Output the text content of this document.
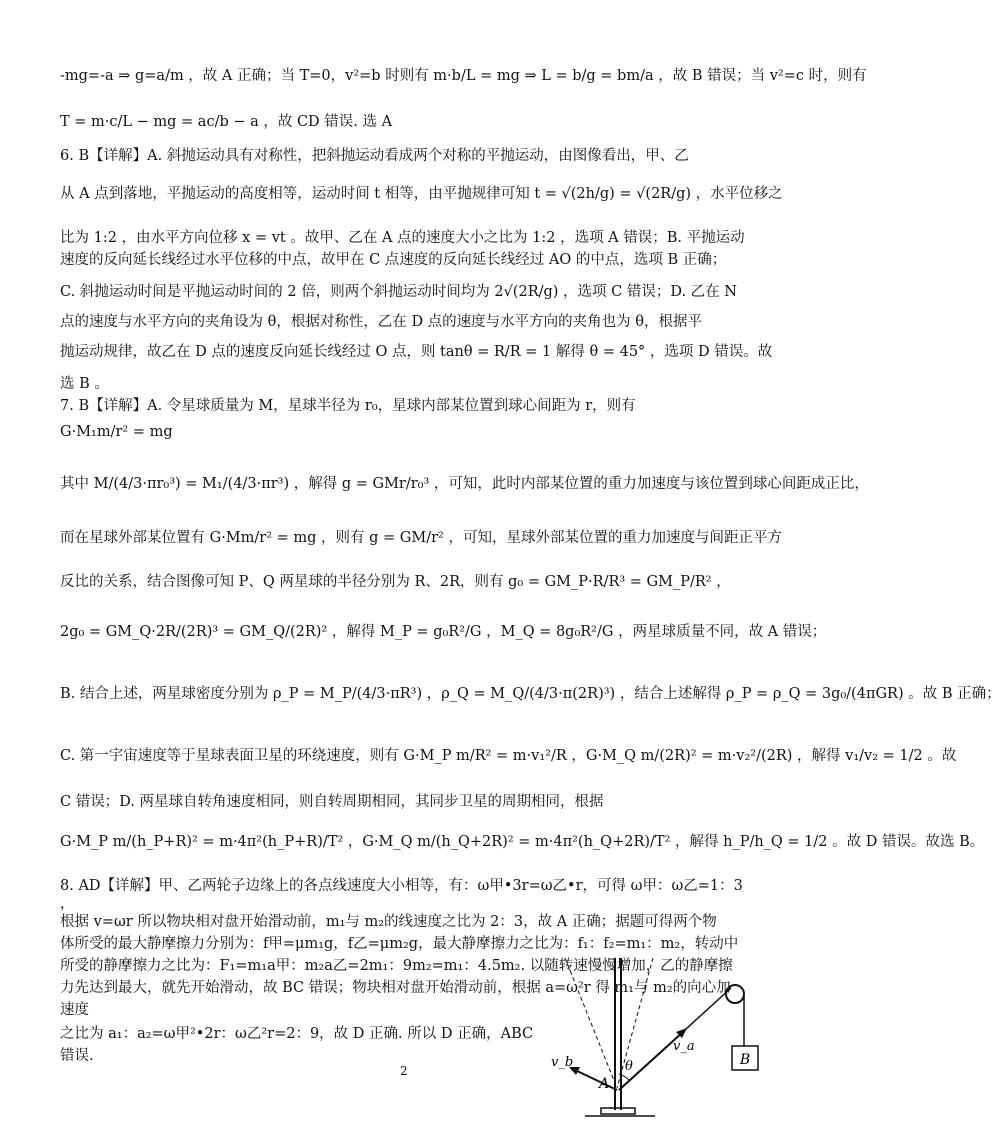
-mg=-a ⇒ g=a/m ，故 A 正确；当 T=0，v²=b 时则有 m·b/L = mg ⇒ L = b/g = bm/a ，故 B 错误；当 v²=c 时，则有
T = m·c/L − mg = ac/b − a ，故 CD 错误. 选 A
6. B【详解】A. 斜抛运动具有对称性，把斜抛运动看成两个对称的平抛运动，由图像看出，甲、乙
从 A 点到落地，平抛运动的高度相等，运动时间 t 相等，由平抛规律可知 t = √(2h/g) = √(2R/g) ，水平位移之
比为 1:2 ，由水平方向位移 x = vt 。故甲、乙在 A 点的速度大小之比为 1:2 ，选项 A 错误；B. 平抛运动
速度的反向延长线经过水平位移的中点，故甲在 C 点速度的反向延长线经过 AO 的中点，选项 B 正确；
C. 斜抛运动时间是平抛运动时间的 2 倍，则两个斜抛运动时间均为 2√(2R/g) ，选项 C 错误；D. 乙在 N
点的速度与水平方向的夹角设为 θ，根据对称性，乙在 D 点的速度与水平方向的夹角也为 θ，根据平
抛运动规律，故乙在 D 点的速度反向延长线经过 O 点，则 tanθ = R/R = 1 解得 θ = 45° ，选项 D 错误。故
选 B 。
7. B【详解】A. 令星球质量为 M，星球半径为 r₀，星球内部某位置到球心间距为 r，则有
G·M₁m/r² = mg
其中 M/(4/3·πr₀³) = M₁/(4/3·πr³) ，解得 g = GMr/r₀³ ，可知，此时内部某位置的重力加速度与该位置到球心间距成正比，
而在星球外部某位置有 G·Mm/r² = mg ，则有 g = GM/r² ，可知，星球外部某位置的重力加速度与间距正平方
反比的关系，结合图像可知 P、Q 两星球的半径分别为 R、2R，则有 g₀ = GM_P·R/R³ = GM_P/R² ，
2g₀ = GM_Q·2R/(2R)³ = GM_Q/(2R)² ，解得 M_P = g₀R²/G ，M_Q = 8g₀R²/G ，两星球质量不同，故 A 错误；
B. 结合上述，两星球密度分别为 ρ_P = M_P/(4/3·πR³) ，ρ_Q = M_Q/(4/3·π(2R)³) ，结合上述解得 ρ_P = ρ_Q = 3g₀/(4πGR) 。故 B 正确；
C. 第一宇宙速度等于星球表面卫星的环绕速度，则有 G·M_P m/R² = m·v₁²/R ，G·M_Q m/(2R)² = m·v₂²/(2R) ，解得 v₁/v₂ = 1/2 。故
C 错误；D. 两星球自转角速度相同，则自转周期相同，其同步卫星的周期相同，根据
G·M_P m/(h_P+R)² = m·4π²(h_P+R)/T² ，G·M_Q m/(h_Q+2R)² = m·4π²(h_Q+2R)/T² ，解得 h_P/h_Q = 1/2 。故 D 错误。故选 B。
8. AD【详解】甲、乙两轮子边缘上的各点线速度大小相等，有：ω甲•3r=ω乙•r，可得 ω甲：ω乙=1：3
，
根据 v=ωr 所以物块相对盘开始滑动前，m₁与 m₂的线速度之比为 2：3，故 A 正确；据题可得两个物
体所受的最大静摩擦力分别为：f甲=μm₁g，f乙=μm₂g，最大静摩擦力之比为：f₁：f₂=m₁：m₂，转动中
所受的静摩擦力之比为：F₁=m₁a甲：m₂a乙=2m₁：9m₂=m₁：4.5m₂. 以随转速慢慢增加，乙的静摩擦
力先达到最大，就先开始滑动，故 BC 错误；物块相对盘开始滑动前，根据 a=ω²r 得 m₁与 m₂的向心加
速度
之比为 a₁：a₂=ω甲²•2r：ω乙²r=2：9，故 D 正确. 所以 D 正确，ABC
错误.
2
A
B
v_a
v_b	θ
